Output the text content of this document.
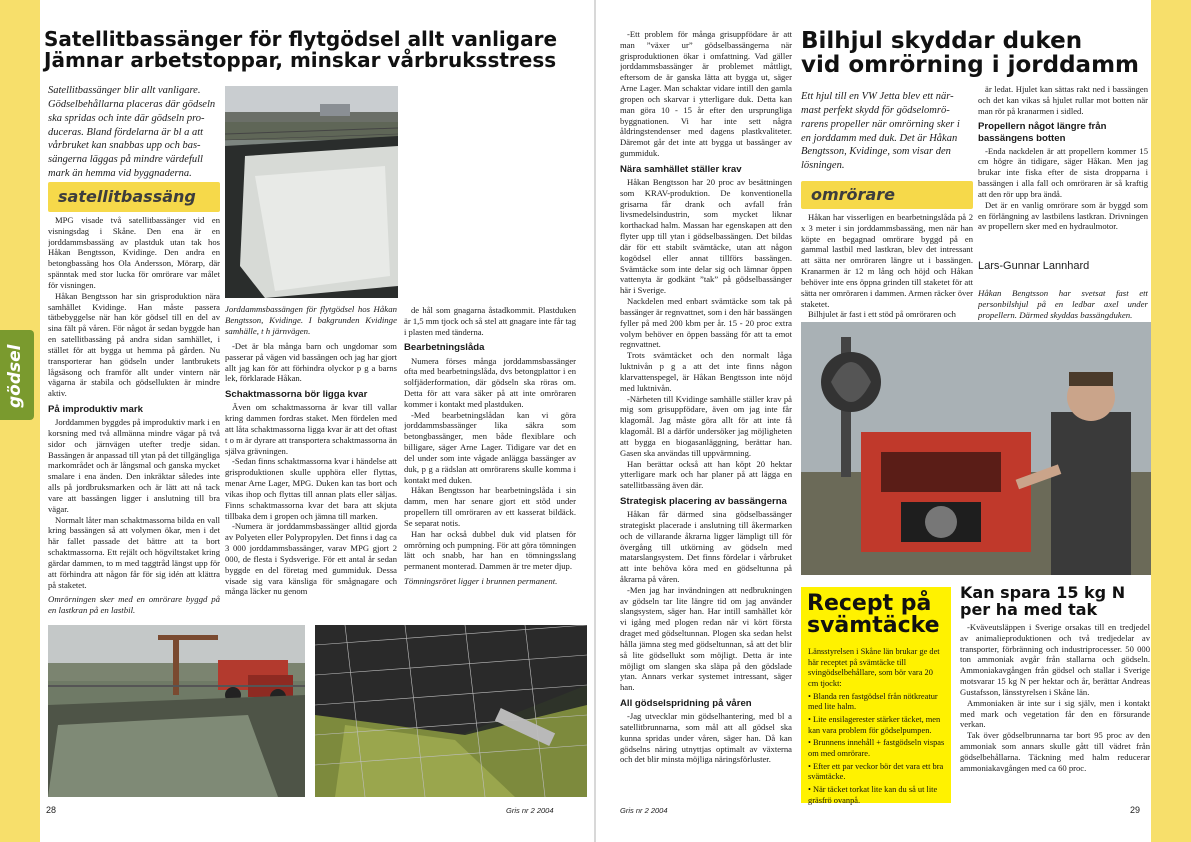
Satellitbassänger för flytgödsel allt vanligare
Jämnar arbetstoppar, minskar vårbruksstress
Satellitbassänger blir allt vanligare.
Gödselbehållarna placeras där gödseln
ska spridas och inte där gödseln pro-
duceras. Bland fördelarna är bl a att
vårbruket kan snabbas upp och bas-
sängerna läggas på mindre värdefull
mark än hemma vid byggnaderna.
satellitbassäng
gödsel

MPG visade två satellitbassänger vid en visningsdag i Skåne. Den ena är en jorddammsbassäng av plastduk utan tak hos Håkan Bengtsson, Kvidinge. Den andra en betongbassäng hos Ola Andersson, Mörarp, där spänntak med stor lucka för omrörare var målet för visningen.

Håkan Bengtsson har sin grisproduktion nära samhället Kvidinge. Han måste passera tätbebyggelse när han kör gödsel till en del av sina fält på våren. För något år sedan byggde han en satellitbassäng på andra sidan samhället, i stället för att bygga ut hemma på gården. Nu transporterar han gödseln under lantbrukets lågsäsong och framför allt under vintern när vägarna är stabila och gödsellukten är mindre aktiv.

På improduktiv mark

Jorddammen byggdes på improduktiv mark i en korsning med två allmänna mindre vägar på två sidor och järnvägen utefter tredje sidan. Bassängen är anpassad till ytan på det tillgängliga markområdet och är långsmal och ganska mycket smalare i ena änden. Den inkräktar således inte alls på jordbruksmarken och är lätt att nå tack vare att bassängen ligger i anslutning till bra vägar.

Normalt låter man schaktmassorna bilda en vall kring bassängen så att volymen ökar, men i det här fallet passade det bättre att ta bort schaktmassorna. Ett rejält och högviltstaket kring gärdar dammen, to m med taggtråd längst upp för att förhindra att någon får för sig idén att klättra på staketet.

Omrörningen sker med en omrörare byggd på en lastkran på en lastbil.

Jorddammsbassängen för flytgödsel hos Håkan Bengtsson, Kvidinge. I bakgrunden Kvidinge samhälle, t h järnvägen.

-Det är bla många barn och ungdomar som passerar på vägen vid bassängen och jag har gjort allt jag kan för att förhindra olyckor p g a barns lek, förklarade Håkan.

Schaktmassorna bör ligga kvar

Även om schaktmassorna är kvar till vallar kring dammen fordras staket. Men fördelen med att låta schaktmassorna ligga kvar är att det oftast t o m är dyrare att transportera schaktmassorna än själva grävningen.

-Sedan finns schaktmassorna kvar i händelse att grisproduktionen skulle upphöra eller flyttas, menar Arne Lager, MPG. Duken kan tas bort och vikas ihop och flyttas till annan plats eller säljas. Finns schaktmassorna kvar det bara att skjuta tillbaka dem i gropen och jämna till marken.

-Numera är jorddammsbassänger alltid gjorda av Polyeten eller Polypropylen. Det finns i dag ca 3 000 jorddammsbassänger, varav MPG gjort 2 000, de flesta i Sydsverige. För ett antal år sedan byggde en del företag med gummiduk. Dessa visade sig vara känsliga för smågnagare och många läcker nu genom

de hål som gnagarna åstadkommit. Plastduken är 1,5 mm tjock och så stel att gnagare inte får tag i plasten med tänderna.

Bearbetningslåda

Numera förses många jorddammsbassänger ofta med bearbetningslåda, dvs betongplattor i en solfjäderformation, där gödseln ska röras om. Detta för att vara säker på att inte omröraren kommer i kontakt med plastduken.

-Med bearbetningslådan kan vi göra jorddammsbassänger lika säkra som betongbassänger, men både flexiblare och billigare, säger Arne Lager. Tidigare var det en del under som inte vågade anlägga bassänger av duk, p g a rädslan att omrörarens skulle komma i kontakt med duken.

Håkan Bengtsson har bearbetningslåda i sin damm, men har senare gjort ett stöd under propellern till omröraren av ett kasserat bildäck. Se separat notis.

Han har också dubbel duk vid platsen för omrörning och pumpning. För att göra tömningen lätt och snabb, har han en tömningsslang permanent monterad. Dammen är tre meter djup.

Tömningsröret ligger i brunnen permanent.

28	Gris nr 2 2004

-Ett problem för många grisuppfödare är att man ”växer ur” gödselbassängerna när grisproduktionen ökar i omfattning. Vad gäller jorddammsbassänger är problemet måttligt, eftersom de är ganska lätta att bygga ut, säger Arne Lager. Man schaktar vidare intill den gamla gropen och skarvar i ytterligare duk. Detta kan man göra 10 - 15 år efter den ursprungliga byggnationen. Vi har inte sett några åldringstendenser med dagens plastkvaliteter. Däremot går det inte att bygga ut bassänger av gummiduk.

Nära samhället ställer krav

Håkan Bengtsson har 20 proc av besättningen som KRAV-produktion. De konventionella grisarna får drank och avfall från livsmedelsindustrin, som mycket liknar korthackad halm. Massan har egenskapen att den flyter upp till ytan i gödselbassängen. Det bildas där för ett stabilt svämtäcke, utan att någon kogödsel eller annat tillförs bassängen. Svämtäcke som inte delar sig och lämnar öppen vattenyta är godkänt ”tak” på gödselbassänger här i Sverige.

Nackdelen med enbart svämtäcke som tak på bassänger är regnvattnet, som i den här bassängen fyller på med 200 kbm per år. 15 - 20 proc extra volym behöver en öppen bassäng för att ta emot regnvattnet.

Trots svämtäcket och den normalt låga luktnivån p g a att det inte finns någon klarvattenspegel, är Håkan Bengtsson inte nöjd med luktnivån.

-Närheten till Kvidinge samhälle ställer krav på mig som grisuppfödare, även om jag inte får klagomål. Jag måste göra allt för att inte få klagomål. Bl a därför undersöker jag möjligheten att bygga en biogasanläggning, berättar han. Gasen ska användas till uppvärmning.

Han berättar också att han köpt 20 hektar ytterligare mark och har planer på att lägga en satellitbassäng även där.

Strategisk placering av bassängerna

Håkan får därmed sina gödselbassänger strategiskt placerade i anslutning till åkermarken och de villarande åkrarna ligger lämpligt till för övergång till utkörning av gödseln med matarslangsystem. Det finns fördelar i vårbruket att inte behöva köra med en gödseltunna på åkrarna på våren.

-Men jag har invändningen att nedbrukningen av gödseln tar lite längre tid om jag använder slangsystem, säger han. Har intill samhället kör vi igång med plogen redan när vi kört första draget med gödseltunnan. Plogen ska sedan helst hålla jämna steg med gödseltunnan, så att det blir så lite gödsellukt som möjligt. Detta är inte möjligt om slangen ska släpa på den gödslade ytan. Annars verkar systemet intressant, säger han.

All gödselspridning på våren

-Jag utvecklar min gödselhantering, med bl a satellitbrunnarna, som mål att all gödsel ska kunna spridas under våren, säger han. Då kan gödselns näring utnyttjas optimalt av växterna och det blir minsta möjliga näringsförluster.

Bilhjul skyddar duken
vid omrörning i jorddamm
Ett hjul till en VW Jetta blev ett när-
mast perfekt skydd för gödselomrö-
rarens propeller när omrörning sker i
en jorddamm med duk. Det är Håkan
Bengtsson, Kvidinge, som visar den
lösningen.
omrörare

Håkan har visserligen en bearbetningslåda på 2 x 3 meter i sin jorddammsbassäng, men när han köpte en begagnad omrörare byggd på en gammal lastbil med lastkran, blev det intressant att sätta ner omröraren längre ut i bassängen. Kranarmen är 12 m lång och höjd och Håkan behöver inte ens öppna grinden till staketet för att sätta ner omröraren i dammen. Armen räcker över staketet.

Bilhjulet är fast i ett stöd på omröraren och

är ledat. Hjulet kan sättas rakt ned i bassängen och det kan vikas så hjulet rullar mot botten när man rör på kranarmen i sidled.

Propellern något längre från bassängens botten

-Enda nackdelen är att propellern kommer 15 cm högre än tidigare, säger Håkan. Men jag brukar inte fiska efter de sista dropparna i bassängen i alla fall och omröraren är så kraftig att den rör upp bra ändå.

Det är en vanlig omrörare som är byggd som en förlängning av lastbilens lastkran. Drivningen av propellern sker med en hydraulmotor.

Lars-Gunnar Lannhard

Håkan Bengtsson har svetsat fast ett personbilshjul på en ledbar axel under propellern. Därmed skyddas bassängduken.

Recept på
svämtäcke
Länsstyrelsen i Skåne län brukar ge det här receptet på svämtäcke till svingödselbehållare, som bör vara 20 cm tjockt:
• Blanda ren fastgödsel från nötkreatur med lite halm.
• Lite ensilagerester stärker täcket, men kan vara problem för gödselpumpen.
• Brunnens innehåll + fastgödseln vispas om med omrörare.
• Efter ett par veckor bör det vara ett bra svämtäcke.
• När täcket torkat lite kan du så ut lite gräsfrö ovanpå.
Kan spara 15 kg N
per ha med tak

-Kväveutsläppen i Sverige orsakas till en tredjedel av animalieproduktionen och två tredjedelar av transporter, förbränning och industriprocesser. 50 000 ton ammoniak avgår från stallarna och gödseln. Ammoniakavgången från gödsel och stallar i Sverige motsvarar 15 kg N per hektar och år, berättar Andreas Gustafsson, länsstyrelsen i Skåne län.

Ammoniaken är inte sur i sig själv, men i kontakt med mark och vegetation får den en försurande verkan.

Tak över gödselbrunnarna tar bort 95 proc av den ammoniak som annars skulle gått till vädret från gödselbehållarna. Täckning med halm reducerar ammoniakavgången med ca 60 proc.

Gris nr 2 2004	29
